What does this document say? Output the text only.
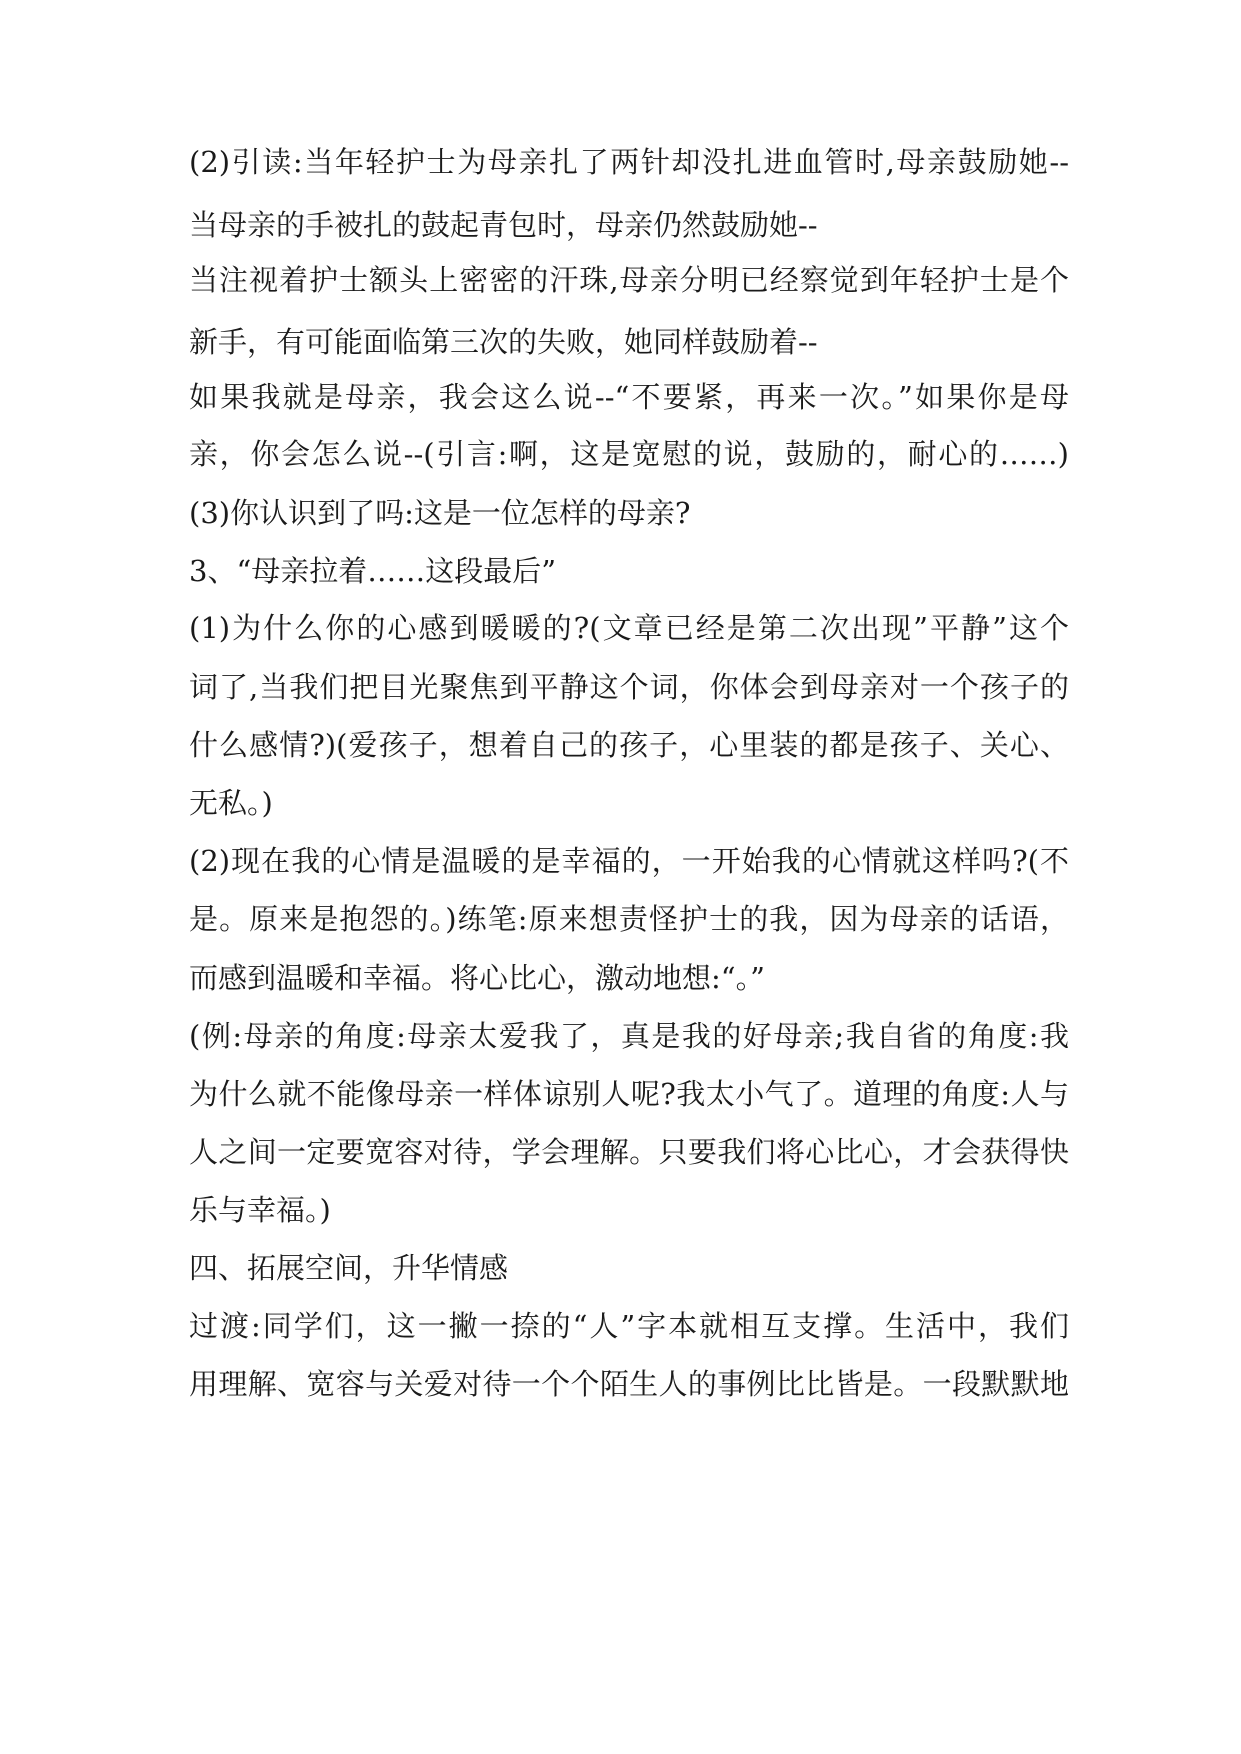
(2)引读:当年轻护士为母亲扎了两针却没扎进血管时,母亲鼓励她--
当母亲的手被扎的鼓起青包时，母亲仍然鼓励她--
当注视着护士额头上密密的汗珠,母亲分明已经察觉到年轻护士是个
新手，有可能面临第三次的失败，她同样鼓励着--
如果我就是母亲，我会这么说--“不要紧，再来一次。”如果你是母
亲，你会怎么说--(引言:啊，这是宽慰的说，鼓励的，耐心的……)
(3)你认识到了吗:这是一位怎样的母亲?
3、“母亲拉着……这段最后”
(1)为什么你的心感到暖暖的?(文章已经是第二次出现”平静”这个
词了,当我们把目光聚焦到平静这个词，你体会到母亲对一个孩子的
什么感情?)(爱孩子，想着自己的孩子，心里装的都是孩子、关心、
无私。)
(2)现在我的心情是温暖的是幸福的，一开始我的心情就这样吗?(不
是。原来是抱怨的。)练笔:原来想责怪护士的我，因为母亲的话语，
而感到温暖和幸福。将心比心，激动地想:“。”
(例:母亲的角度:母亲太爱我了，真是我的好母亲;我自省的角度:我
为什么就不能像母亲一样体谅别人呢?我太小气了。道理的角度:人与
人之间一定要宽容对待，学会理解。只要我们将心比心，才会获得快
乐与幸福。)
四、拓展空间，升华情感
过渡:同学们，这一撇一捺的“人”字本就相互支撑。生活中，我们
用理解、宽容与关爱对待一个个陌生人的事例比比皆是。一段默默地
